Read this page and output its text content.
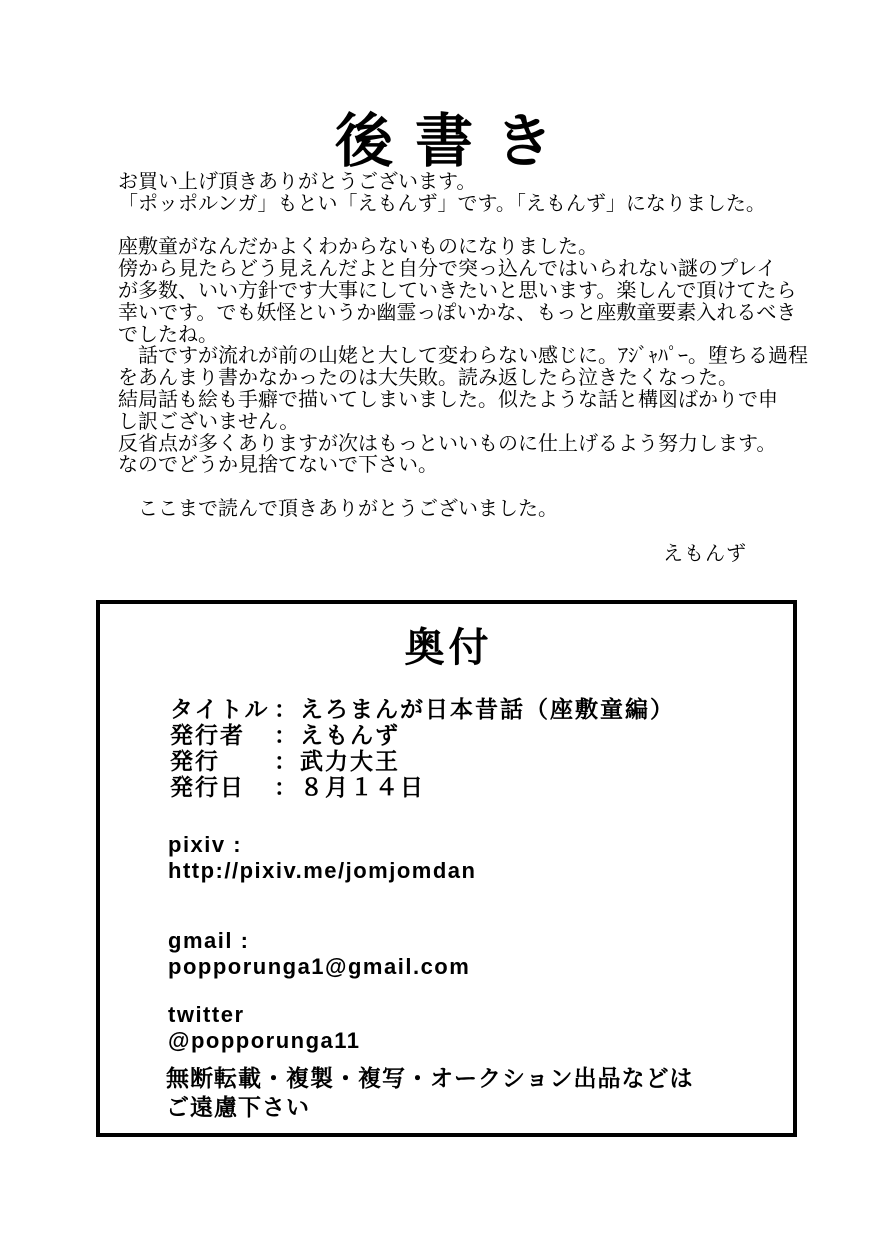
後書き
お買い上げ頂きありがとうございます。
「ポッポルンガ」もとい「えもんず」です。「えもんず」になりました。
座敷童がなんだかよくわからないものになりました。
傍から見たらどう見えんだよと自分で突っ込んではいられない謎のプレイ
が多数、いい方針です大事にしていきたいと思います。楽しんで頂けてたら
幸いです。でも妖怪というか幽霊っぽいかな、もっと座敷童要素入れるべき
でしたね。
　話ですが流れが前の山姥と大して変わらない感じに。ｱｼﾞｬﾊﾟｰ。堕ちる過程
をあんまり書かなかったのは大失敗。読み返したら泣きたくなった。
結局話も絵も手癖で描いてしまいました。似たような話と構図ばかりで申
し訳ございません。
反省点が多くありますが次はもっといいものに仕上げるよう努力します。
なのでどうか見捨てないで下さい。
　ここまで読んで頂きありがとうございました。
えもんず
奥付
タイトル ： えろまんが日本昔話（座敷童編）
発行者	： えもんず
発行	： 武力大王
発行日	： ８月１４日
pixiv :
http://pixiv.me/jomjomdan
gmail :
popporunga1@gmail.com
twitter
@popporunga11
無断転載・複製・複写・オークション出品などは
ご遠慮下さい
